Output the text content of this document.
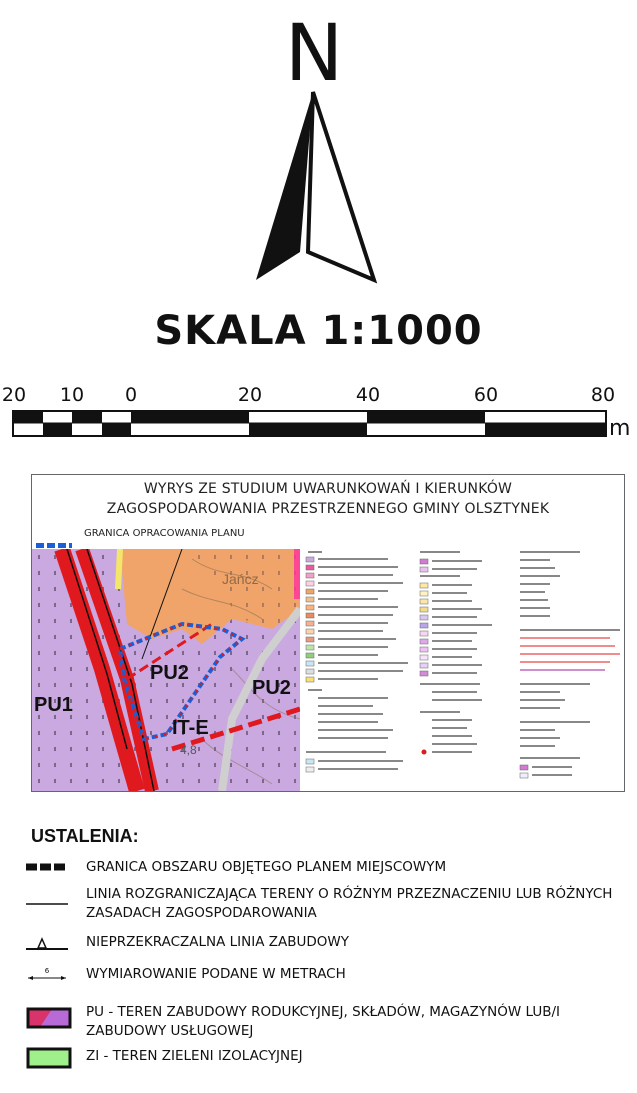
N
SKALA 1:1000
20 10 0	20	40	60	80
m
WYRYS ZE STUDIUM UWARUNKOWAŃ I KIERUNKÓW
ZAGOSPODAROWANIA PRZESTRZENNEGO GMINY OLSZTYNEK
GRANICA OPRACOWANIA PLANU
PU2
PU2
PU1
IT-E
Jańcz
4,8
USTALENIA:
GRANICA OBSZARU OBJĘTEGO PLANEM MIEJSCOWYM
LINIA ROZGRANICZAJĄCA TERENY O RÓŻNYM PRZEZNACZENIU LUB RÓŻNYCH ZASADACH ZAGOSPODAROWANIA
NIEPRZEKRACZALNA LINIA ZABUDOWY
6	WYMIAROWANIE PODANE W METRACH
PU - TEREN ZABUDOWY RODUKCYJNEJ, SKŁADÓW, MAGAZYNÓW LUB/I ZABUDOWY USŁUGOWEJ
ZI - TEREN ZIELENI IZOLACYJNEJ
